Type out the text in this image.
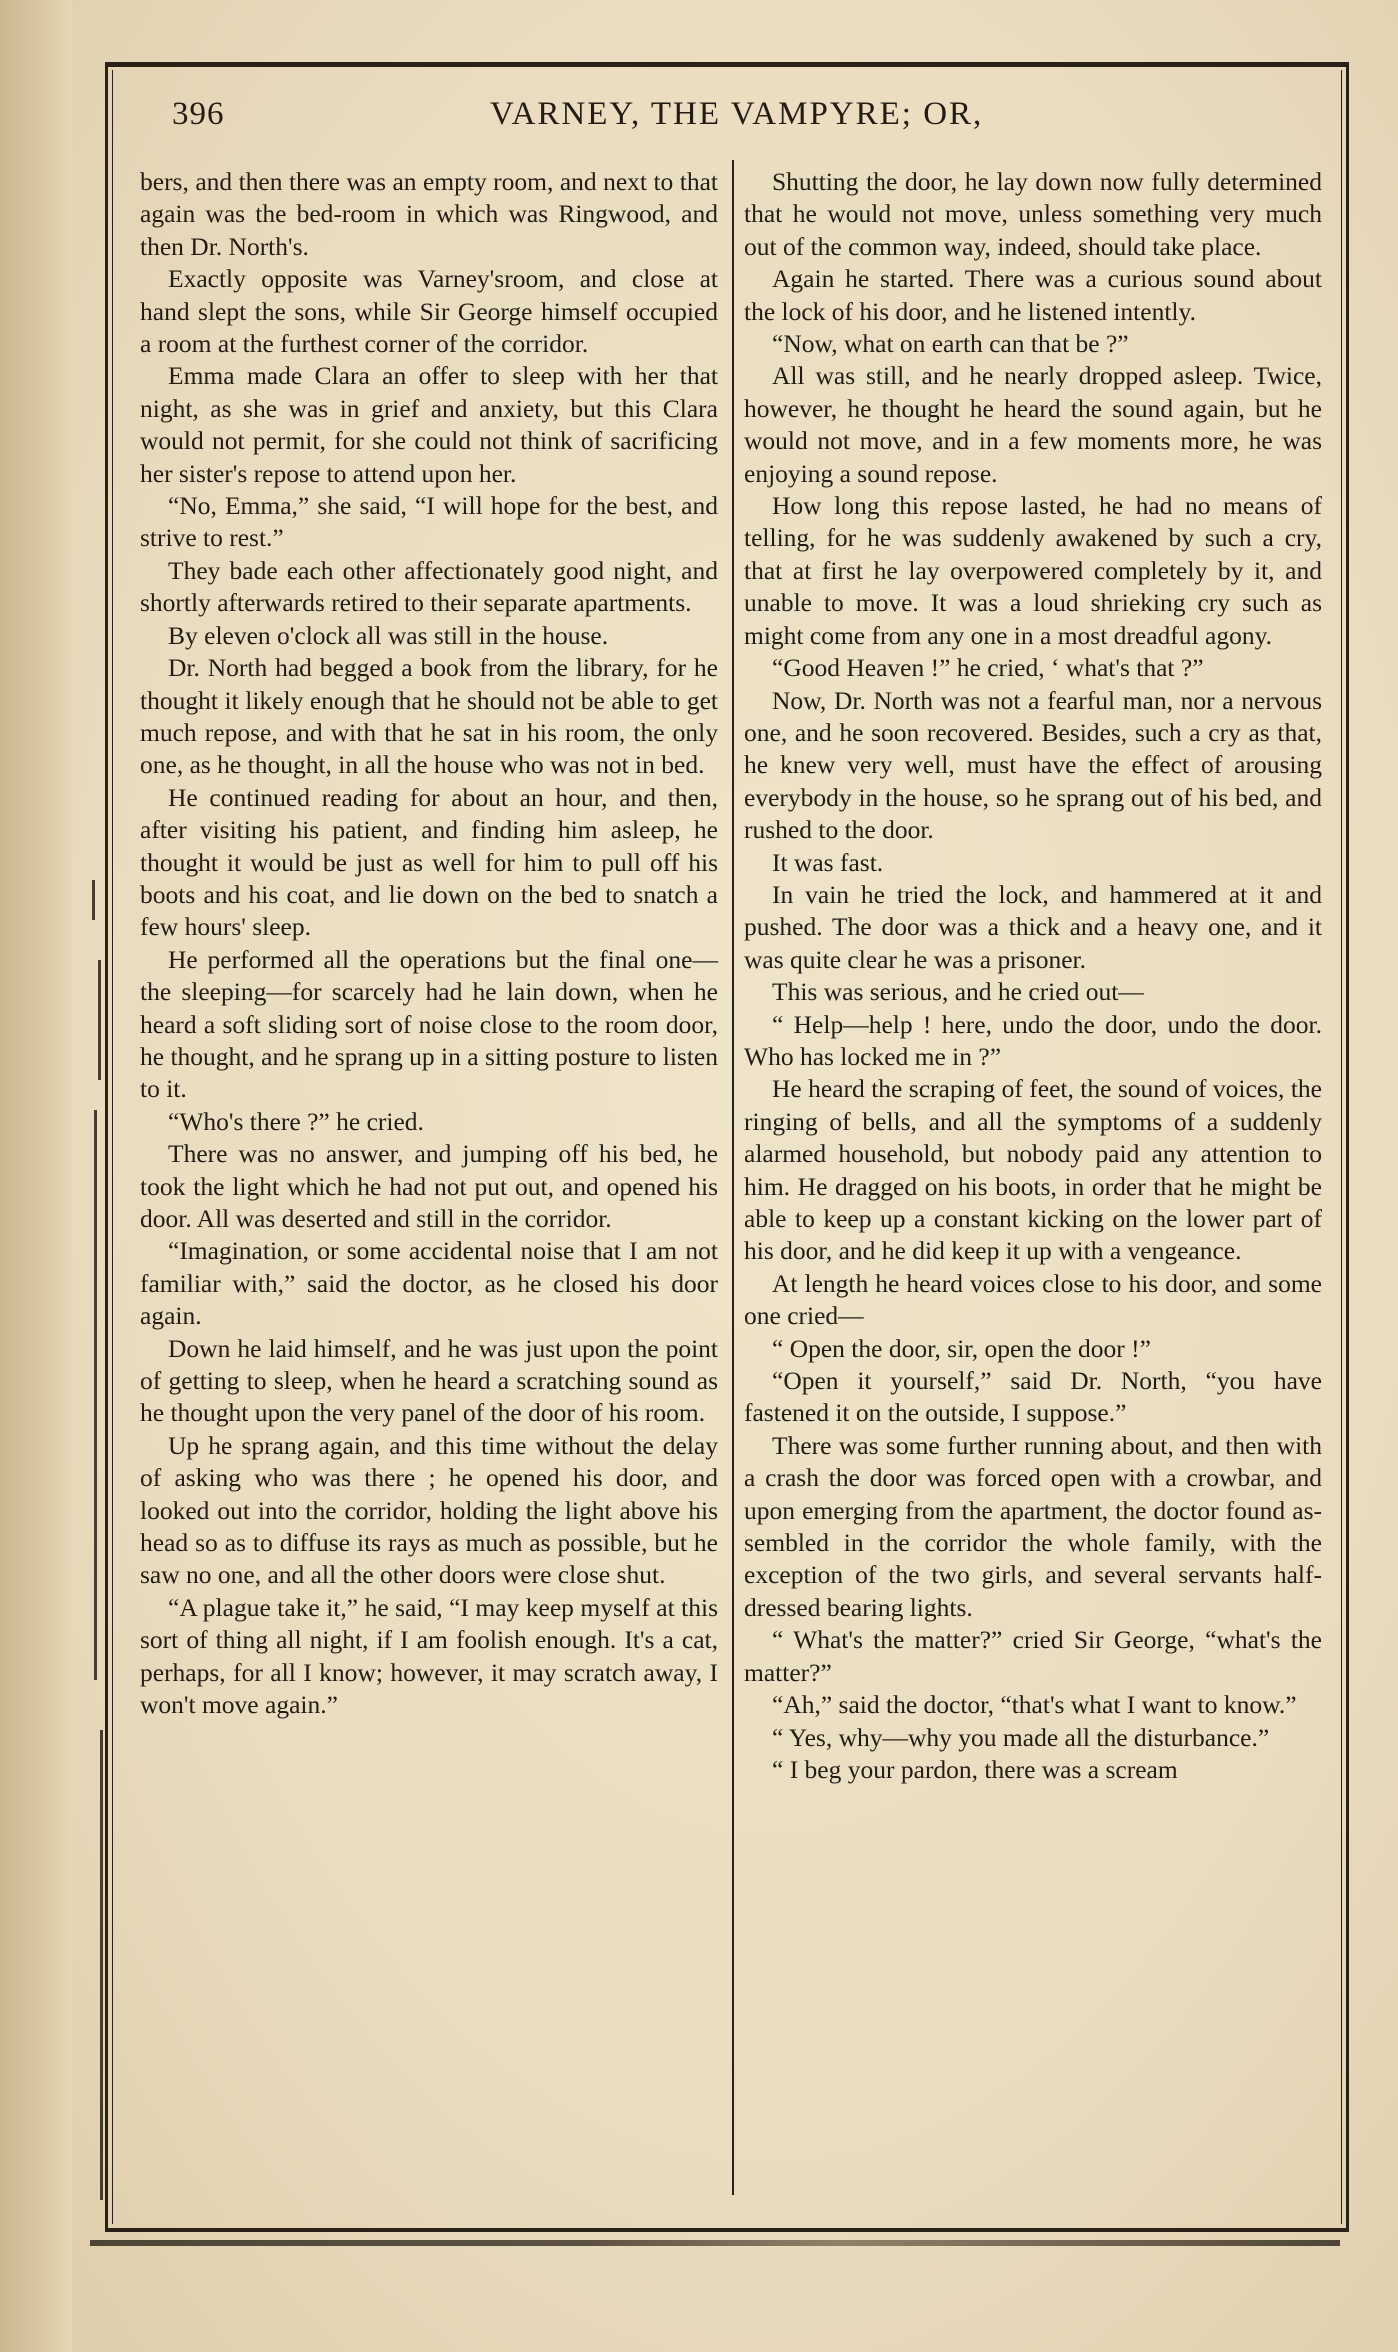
396	VARNEY, THE VAMPYRE; OR,

bers, and then there was an empty room, and next to that again was the bed-room in which was Ringwood, and then Dr. North's.

Exactly opposite was Varney'sroom, and close at hand slept the sons, while Sir George himself occupied a room at the furthest corner of the corridor.

Emma made Clara an offer to sleep with her that night, as she was in grief and anxiety, but this Clara would not permit, for she could not think of sacrificing her sister's repose to attend upon her.

“No, Emma,” she said, “I will hope for the best, and strive to rest.”

They bade each other affectionately good night, and shortly afterwards retired to their separate apartments.

By eleven o'clock all was still in the house.

Dr. North had begged a book from the library, for he thought it likely enough that he should not be able to get much repose, and with that he sat in his room, the only one, as he thought, in all the house who was not in bed.

He continued reading for about an hour, and then, after visiting his patient, and finding him asleep, he thought it would be just as well for him to pull off his boots and his coat, and lie down on the bed to snatch a few hours' sleep.

He performed all the operations but the final one—the sleeping—for scarcely had he lain down, when he heard a soft sliding sort of noise close to the room door, he thought, and he sprang up in a sitting posture to listen to it.

“Who's there ?” he cried.

There was no answer, and jumping off his bed, he took the light which he had not put out, and opened his door. All was deserted and still in the corridor.

“Imagination, or some accidental noise that I am not familiar with,” said the doctor, as he closed his door again.

Down he laid himself, and he was just upon the point of getting to sleep, when he heard a scratching sound as he thought upon the very panel of the door of his room.

Up he sprang again, and this time without the delay of asking who was there ; he opened his door, and looked out into the corridor, holding the light above his head so as to diffuse its rays as much as possible, but he saw no one, and all the other doors were close shut.

“A plague take it,” he said, “I may keep myself at this sort of thing all night, if I am foolish enough. It's a cat, perhaps, for all I know; however, it may scratch away, I won't move again.”

Shutting the door, he lay down now fully determined that he would not move, unless something very much out of the common way, indeed, should take place.

Again he started. There was a curious sound about the lock of his door, and he listened intently.

“Now, what on earth can that be ?”

All was still, and he nearly dropped asleep. Twice, however, he thought he heard the sound again, but he would not move, and in a few moments more, he was enjoying a sound repose.

How long this repose lasted, he had no means of telling, for he was suddenly awakened by such a cry, that at first he lay overpowered completely by it, and unable to move. It was a loud shrieking cry such as might come from any one in a most dreadful agony.

“Good Heaven !” he cried, ‘ what's that ?”

Now, Dr. North was not a fearful man, nor a nervous one, and he soon recovered. Besides, such a cry as that, he knew very well, must have the effect of arousing everybody in the house, so he sprang out of his bed, and rushed to the door.

It was fast.

In vain he tried the lock, and hammered at it and pushed. The door was a thick and a heavy one, and it was quite clear he was a prisoner.

This was serious, and he cried out—

“ Help—help ! here, undo the door, undo the door. Who has locked me in ?”

He heard the scraping of feet, the sound of voices, the ringing of bells, and all the symptoms of a suddenly alarmed household, but nobody paid any attention to him. He dragged on his boots, in order that he might be able to keep up a constant kicking on the lower part of his door, and he did keep it up with a vengeance.

At length he heard voices close to his door, and some one cried—

“ Open the door, sir, open the door !”

“Open it yourself,” said Dr. North, “you have fastened it on the outside, I suppose.”

There was some further running about, and then with a crash the door was forced open with a crowbar, and upon emerging from the apartment, the doctor found assembled in the corridor the whole family, with the exception of the two girls, and several servants half-dressed bearing lights.

“ What's the matter?” cried Sir George, “what's the matter?”

“Ah,” said the doctor, “that's what I want to know.”

“ Yes, why—why you made all the disturbance.”

“ I beg your pardon, there was a scream
